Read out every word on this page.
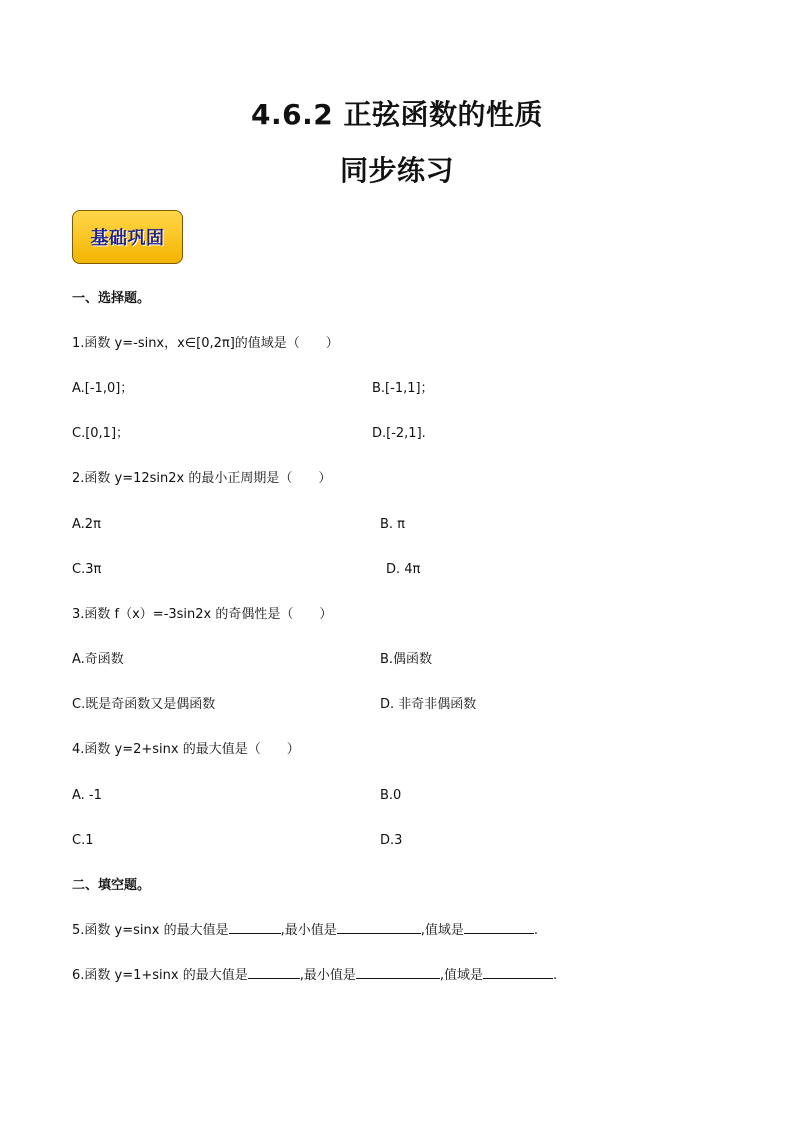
4.6.2 正弦函数的性质
同步练习
基础巩固
一、选择题。
1.函数 y=-sinx，x∈[0,2π]的值域是（　　）
A.[-1,0]；	B.[-1,1]；
C.[0,1]；	D.[-2,1].
2.函数 y=12sin2x 的最小正周期是（　　）
A.2π	B. π
C.3π	D. 4π
3.函数 f（x）=-3sin2x 的奇偶性是（　　）
A.奇函数	B.偶函数
C.既是奇函数又是偶函数	D. 非奇非偶函数
4.函数 y=2+sinx 的最大值是（　　）
A. -1	B.0
C.1	D.3
二、填空题。
5.函数 y=sinx 的最大值是	,最小值是	,值域是	.
6.函数 y=1+sinx 的最大值是	,最小值是	,值域是	.
